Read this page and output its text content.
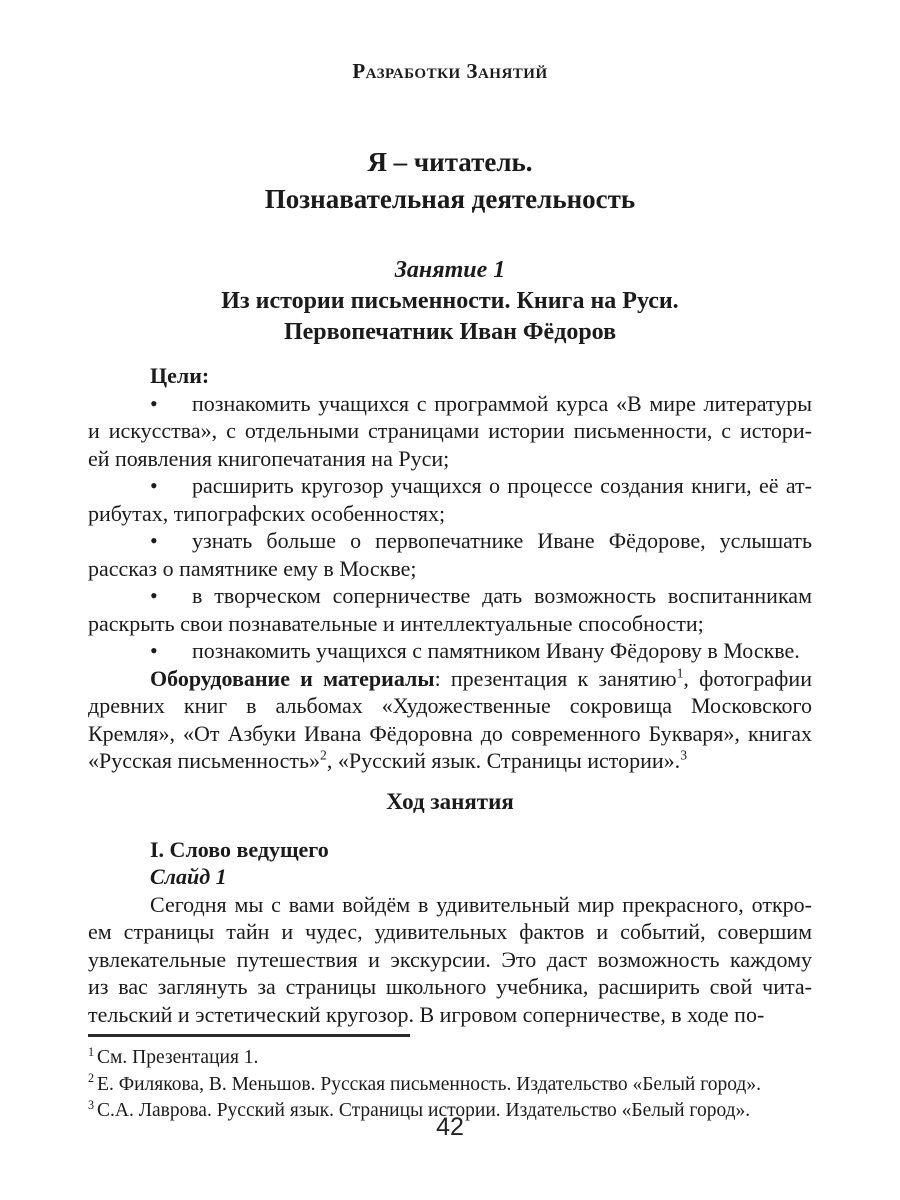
Разработки Занятий
Я – читатель.
Познавательная деятельность
Занятие 1
Из истории письменности. Книга на Руси.
Первопечатник Иван Фёдоров
Цели:
• познакомить учащихся с программой курса «В мире литературы
и искусства», с отдельными страницами истории письменности, с истори-
ей появления книгопечатания на Руси;
• расширить кругозор учащихся о процессе создания книги, её ат-
рибутах, типографских особенностях;
• узнать больше о первопечатнике Иване Фёдорове, услышать
рассказ о памятнике ему в Москве;
• в творческом соперничестве дать возможность воспитанникам
раскрыть свои познавательные и интеллектуальные способности;
• познакомить учащихся с памятником Ивану Фёдорову в Москве.
Оборудование и материалы: презентация к занятию$^1$, фотографии
древних книг в альбомах «Художественные сокровища Московского
Кремля», «От Азбуки Ивана Фёдоровна до современного Букваря», книгах
«Русская письменность»$^2$, «Русский язык. Страницы истории».$^3$
Ход занятия
I. Слово ведущего
Слайд 1
Сегодня мы с вами войдём в удивительный мир прекрасного, откро-
ем страницы тайн и чудес, удивительных фактов и событий, совершим
увлекательные путешествия и экскурсии. Это даст возможность каждому
из вас заглянуть за страницы школьного учебника, расширить свой чита-
тельский и эстетический кругозор. В игровом соперничестве, в ходе по-
$^1$ См. Презентация 1.
$^2$ Е. Филякова, В. Меньшов. Русская письменность. Издательство «Белый город».
$^3$ С.А. Лаврова. Русский язык. Страницы истории. Издательство «Белый город».
42
